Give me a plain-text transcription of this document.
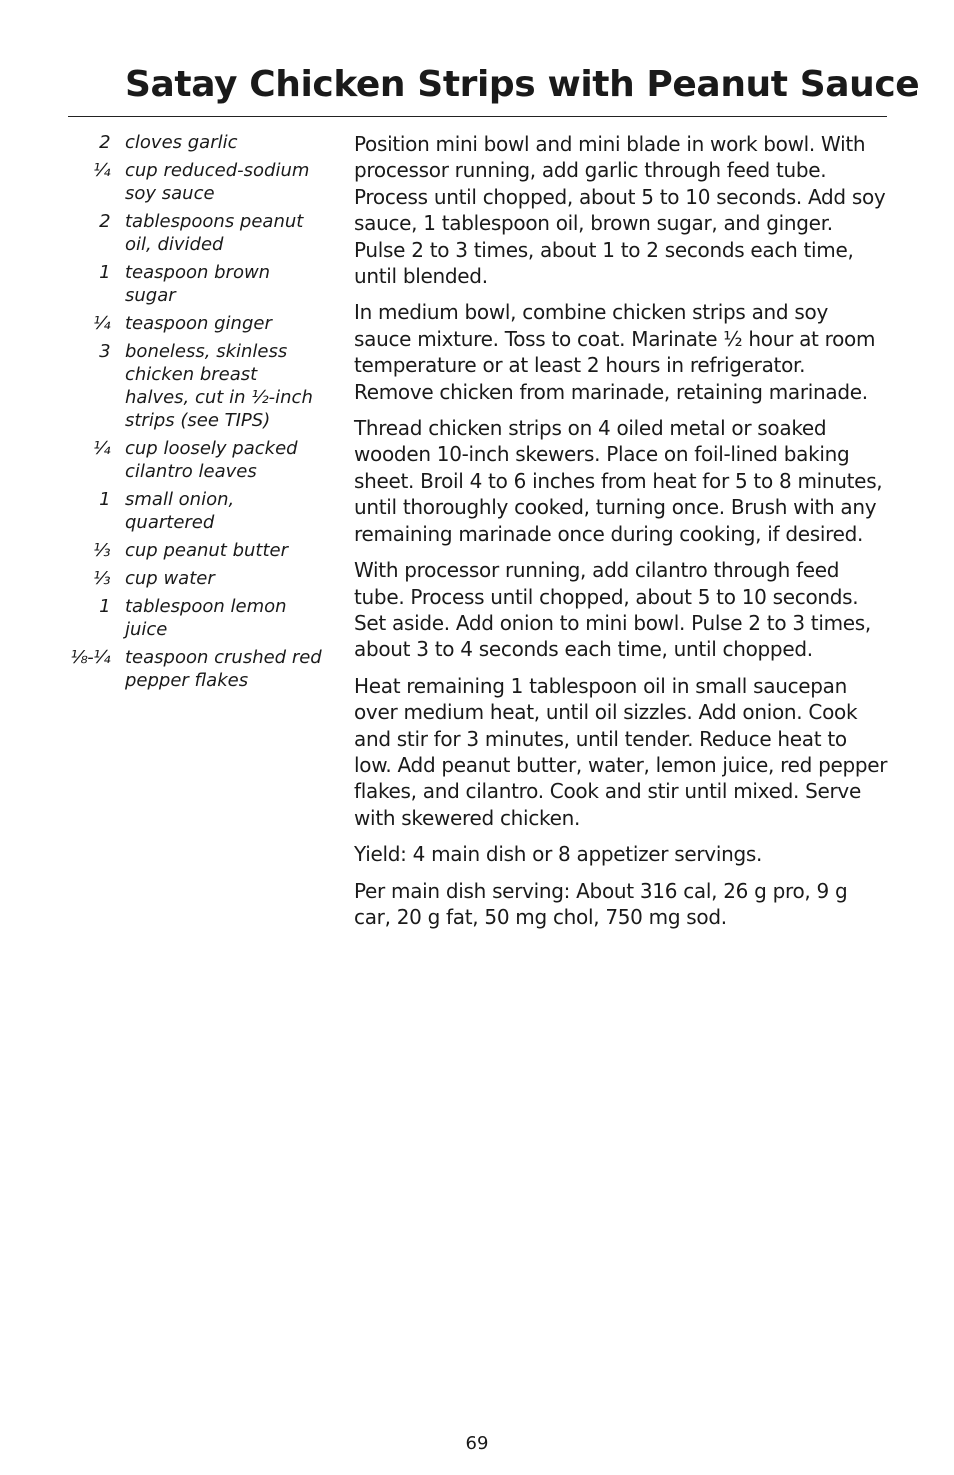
Satay Chicken Strips with Peanut Sauce
2 cloves garlic
¼ cup reduced-sodium soy sauce
2 tablespoons peanut oil, divided
1 teaspoon brown sugar
¼ teaspoon ginger
3 boneless, skinless chicken breast halves, cut in ½-inch strips (see TIPS)
¼ cup loosely packed cilantro leaves
1 small onion, quartered
⅓ cup peanut butter
⅓ cup water
1 tablespoon lemon juice
⅛-¼ teaspoon crushed red pepper flakes

Position mini bowl and mini blade in work bowl. With processor running, add garlic through feed tube. Process until chopped, about 5 to 10 seconds. Add soy sauce, 1 tablespoon oil, brown sugar, and ginger. Pulse 2 to 3 times, about 1 to 2 seconds each time, until blended.

In medium bowl, combine chicken strips and soy sauce mixture. Toss to coat. Marinate ½ hour at room temperature or at least 2 hours in refrigerator. Remove chicken from marinade, retaining marinade.

Thread chicken strips on 4 oiled metal or soaked wooden 10-inch skewers. Place on foil-lined baking sheet. Broil 4 to 6 inches from heat for 5 to 8 minutes, until thoroughly cooked, turning once. Brush with any remaining marinade once during cooking, if desired.

With processor running, add cilantro through feed tube. Process until chopped, about 5 to 10 seconds. Set aside. Add onion to mini bowl. Pulse 2 to 3 times, about 3 to 4 seconds each time, until chopped.

Heat remaining 1 tablespoon oil in small saucepan over medium heat, until oil sizzles. Add onion. Cook and stir for 3 minutes, until tender. Reduce heat to low. Add peanut butter, water, lemon juice, red pepper flakes, and cilantro. Cook and stir until mixed. Serve with skewered chicken.

Yield: 4 main dish or 8 appetizer servings.

Per main dish serving: About 316 cal, 26 g pro, 9 g car, 20 g fat, 50 mg chol, 750 mg sod.

69
